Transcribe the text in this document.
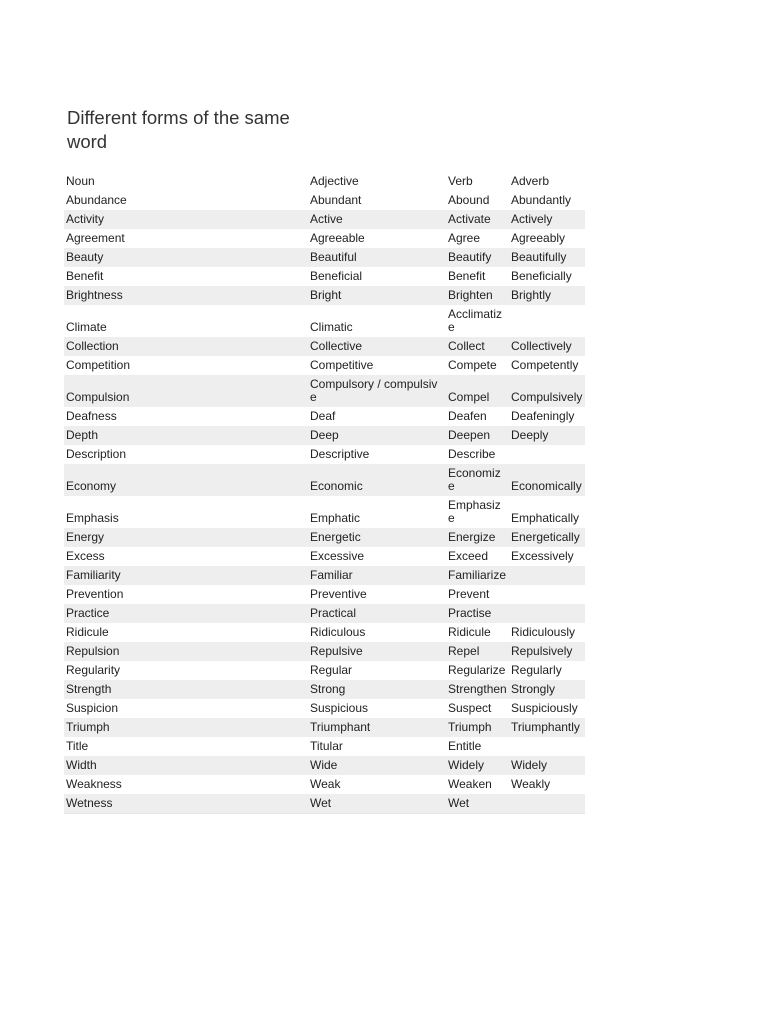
Different forms of the same word
Noun	Adjective	Verb	Adverb
Abundance	Abundant	Abound	Abundantly
Activity	Active	Activate	Actively
Agreement	Agreeable	Agree	Agreeably
Beauty	Beautiful	Beautify	Beautifully
Benefit	Beneficial	Benefit	Beneficially
Brightness	Bright	Brighten	Brightly
Climate	Climatic	Acclimatize	
Collection	Collective	Collect	Collectively
Competition	Competitive	Compete	Competently
Compulsion	Compulsory / compulsive	Compel	Compulsively
Deafness	Deaf	Deafen	Deafeningly
Depth	Deep	Deepen	Deeply
Description	Descriptive	Describe	
Economy	Economic	Economize	Economically
Emphasis	Emphatic	Emphasize	Emphatically
Energy	Energetic	Energize	Energetically
Excess	Excessive	Exceed	Excessively
Familiarity	Familiar	Familiarize	
Prevention	Preventive	Prevent	
Practice	Practical	Practise	
Ridicule	Ridiculous	Ridicule	Ridiculously
Repulsion	Repulsive	Repel	Repulsively
Regularity	Regular	Regularize	Regularly
Strength	Strong	Strengthen	Strongly
Suspicion	Suspicious	Suspect	Suspiciously
Triumph	Triumphant	Triumph	Triumphantly
Title	Titular	Entitle	
Width	Wide	Widely	Widely
Weakness	Weak	Weaken	Weakly
Wetness	Wet	Wet	
